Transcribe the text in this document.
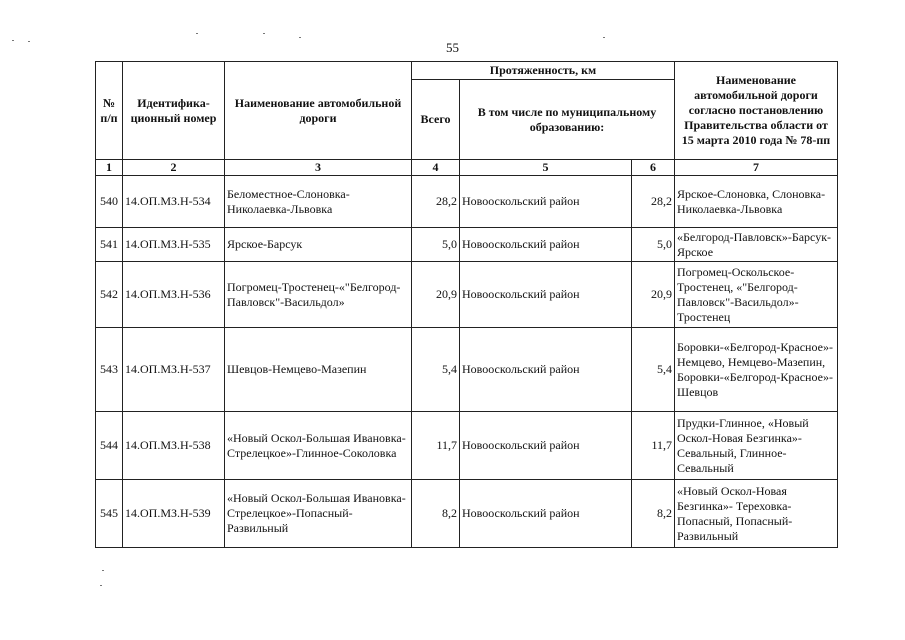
55
№ п/п	Идентифика-ционный номер	Наименование автомобильной дороги	Протяженность, км			Наименование автомобильной дороги согласно постановлению Правительства области от 15 марта 2010 года № 78-пп
			Всего	В том числе по муниципальному образованию:		
1	2	3	4	5	6	7
540	14.ОП.МЗ.Н-534	Беломестное-Слоновка-Николаевка-Львовка	28,2	Новооскольский район	28,2	Ярское-Слоновка, Слоновка-Николаевка-Львовка
541	14.ОП.МЗ.Н-535	Ярское-Барсук	5,0	Новооскольский район	5,0	«Белгород-Павловск»-Барсук-Ярское
542	14.ОП.МЗ.Н-536	Погромец-Тростенец-«"Белгород-Павловск"-Васильдол»	20,9	Новооскольский район	20,9	Погромец-Оскольское-Тростенец, «"Белгород-Павловск"-Васильдол»-Тростенец
543	14.ОП.МЗ.Н-537	Шевцов-Немцево-Мазепин	5,4	Новооскольский район	5,4	Боровки-«Белгород-Красное»-Немцево, Немцево-Мазепин, Боровки-«Белгород-Красное»-Шевцов
544	14.ОП.МЗ.Н-538	«Новый Оскол-Большая Ивановка-Стрелецкое»-Глинное-Соколовка	11,7	Новооскольский район	11,7	Прудки-Глинное, «Новый Оскол-Новая Безгинка»-Севальный, Глинное-Севальный
545	14.ОП.МЗ.Н-539	«Новый Оскол-Большая Ивановка-Стрелецкое»-Попасный-Развильный	8,2	Новооскольский район	8,2	«Новый Оскол-Новая Безгинка»- Тереховка-Попасный, Попасный-Развильный
